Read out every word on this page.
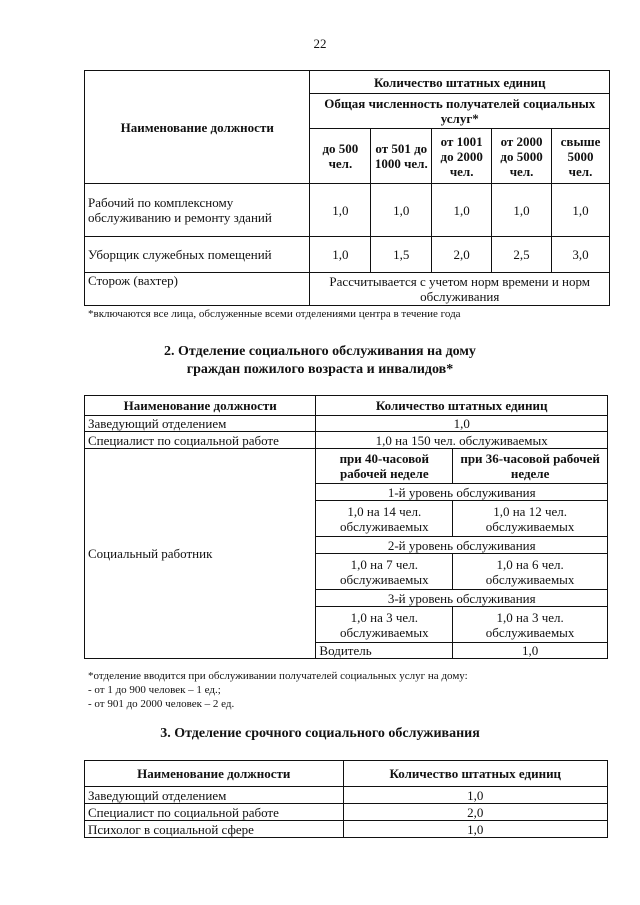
22
Наименование должности	Количество штатных единиц				
	Общая численность получателей социальных услуг*				
	до 500 чел.	от 501 до 1000 чел.	от 1001 до 2000 чел.	от 2000 до 5000 чел.	свыше 5000 чел.
Рабочий по комплексному обслуживанию и ремонту зданий	1,0	1,0	1,0	1,0	1,0
Уборщик служебных помещений	1,0	1,5	2,0	2,5	3,0
Сторож (вахтер)	Рассчитывается с учетом норм времени и норм обслуживания				
*включаются все лица, обслуженные всеми отделениями центра в течение года
2. Отделение социального обслуживания на дому
граждан пожилого возраста и инвалидов*
Наименование должности	Количество штатных единиц	
Заведующий отделением	1,0	
Специалист по социальной работе	1,0 на 150 чел. обслуживаемых	
Социальный работник	при 40-часовой рабочей неделе	при 36-часовой рабочей неделе
	1-й уровень обслуживания	
	1,0 на 14 чел. обслуживаемых	1,0 на 12 чел. обслуживаемых
	2-й уровень обслуживания	
	1,0 на 7 чел. обслуживаемых	1,0 на 6 чел. обслуживаемых
	3-й уровень обслуживания	
	1,0 на 3 чел. обслуживаемых	1,0 на 3 чел. обслуживаемых
	Водитель	1,0
*отделение вводится при обслуживании получателей социальных услуг на дому:
- от 1 до 900 человек – 1 ед.;
- от 901 до 2000 человек – 2 ед.
3. Отделение срочного социального обслуживания
Наименование должности	Количество штатных единиц
Заведующий отделением	1,0
Специалист по социальной работе	2,0
Психолог в социальной сфере	1,0
